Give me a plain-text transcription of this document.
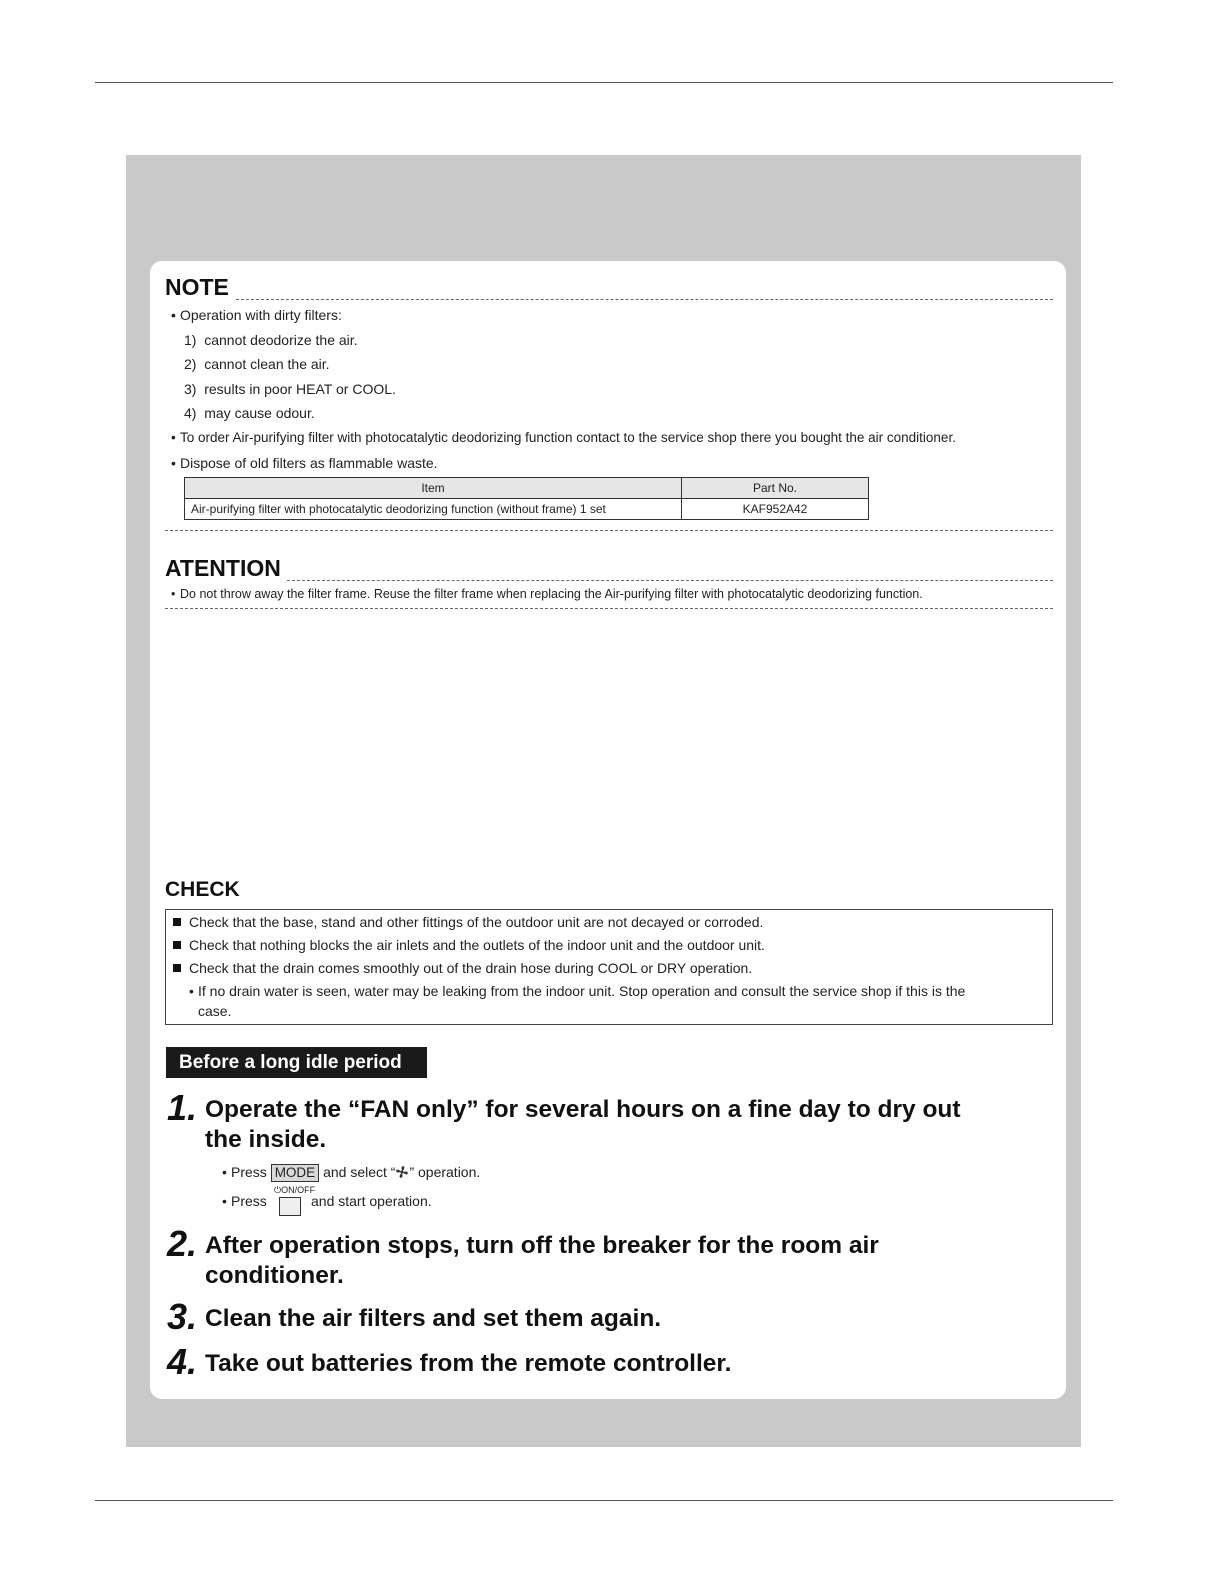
NOTE
• Operation with dirty filters:
1) cannot deodorize the air.
2) cannot clean the air.
3) results in poor HEAT or COOL.
4) may cause odour.
• To order Air-purifying filter with photocatalytic deodorizing function contact to the service shop there you bought the air conditioner.
• Dispose of old filters as flammable waste.
Item	Part No.
Air-purifying filter with photocatalytic deodorizing function (without frame) 1 set	KAF952A42
ATENTION
• Do not throw away the filter frame. Reuse the filter frame when replacing the Air-purifying filter with photocatalytic deodorizing function.
CHECK
Check that the base, stand and other fittings of the outdoor unit are not decayed or corroded.
Check that nothing blocks the air inlets and the outlets of the indoor unit and the outdoor unit.
Check that the drain comes smoothly out of the drain hose during COOL or DRY operation.
• If no drain water is seen, water may be leaking from the indoor unit. Stop operation and consult the service shop if this is the
case.
Before a long idle period
1. Operate the “FAN only” for several hours on a fine day to dry out
the inside.
• Press MODE and select “ ” operation.
• Press
⏻ON/OFF
and start operation.
2. After operation stops, turn off the breaker for the room air
conditioner.
3. Clean the air filters and set them again.
4. Take out batteries from the remote controller.
